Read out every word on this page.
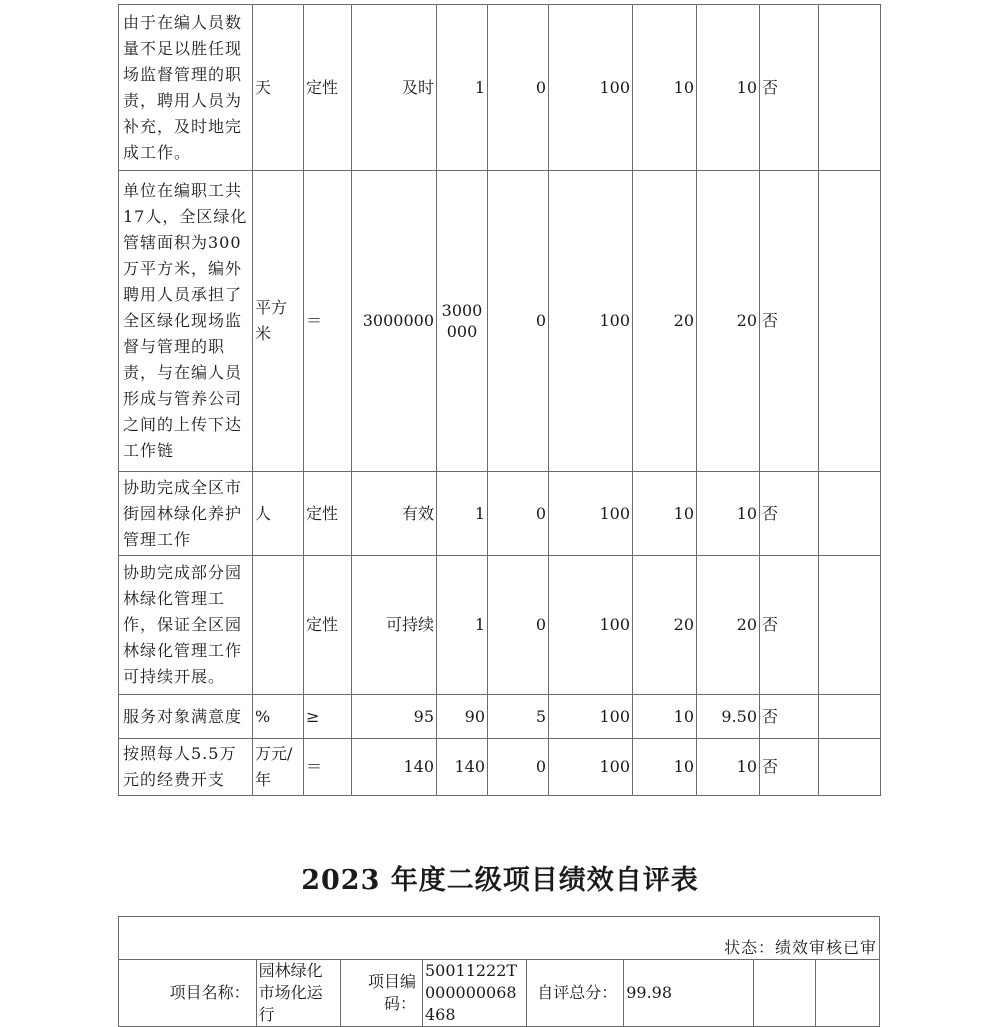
由于在编人员数量不足以胜任现场监督管理的职责，聘用人员为补充，及时地完成工作。	天	定性	及时	1	0	100	10	10	否	
单位在编职工共17人，全区绿化管辖面积为300万平方米，编外聘用人员承担了全区绿化现场监督与管理的职责，与在编人员形成与管养公司之间的上传下达工作链	平方米	＝	3000000	3000000	0	100	20	20	否	
协助完成全区市街园林绿化养护管理工作	人	定性	有效	1	0	100	10	10	否	
协助完成部分园林绿化管理工作，保证全区园林绿化管理工作可持续开展。		定性	可持续	1	0	100	20	20	否	
服务对象满意度	%	≥	95	90	5	100	10	9.50	否	
按照每人5.5万元的经费开支	万元/年	＝	140	140	0	100	10	10	否	
2023 年度二级项目绩效自评表
状态：绩效审核已审
项目名称：	园林绿化市场化运行	项目编码：	50011222T000000068468	自评总分：	99.98		
